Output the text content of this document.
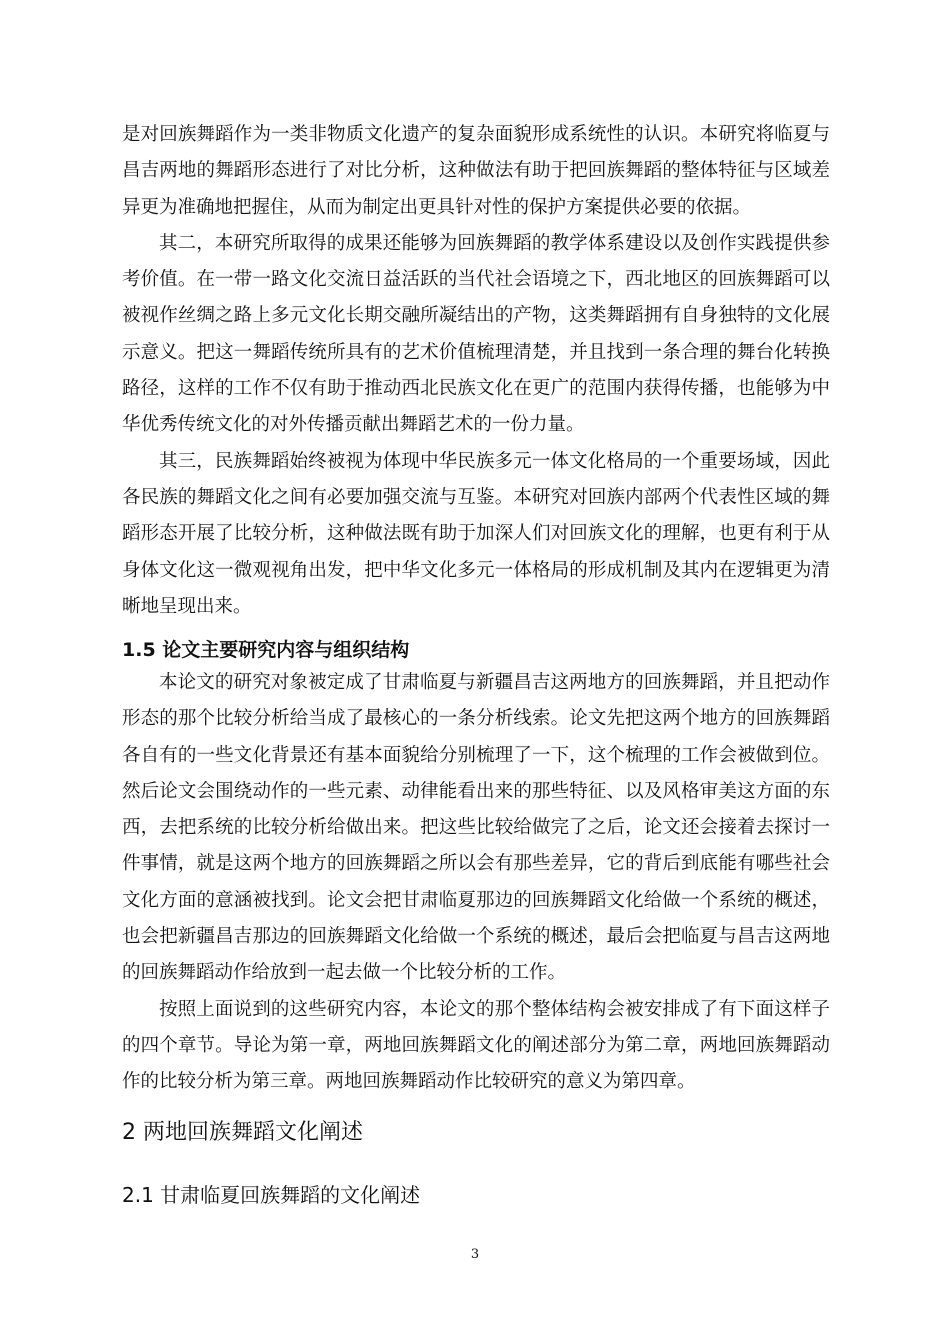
是对回族舞蹈作为一类非物质文化遗产的复杂面貌形成系统性的认识。本研究将临夏与昌吉两地的舞蹈形态进行了对比分析，这种做法有助于把回族舞蹈的整体特征与区域差异更为准确地把握住，从而为制定出更具针对性的保护方案提供必要的依据。

其二，本研究所取得的成果还能够为回族舞蹈的教学体系建设以及创作实践提供参考价值。在一带一路文化交流日益活跃的当代社会语境之下，西北地区的回族舞蹈可以被视作丝绸之路上多元文化长期交融所凝结出的产物，这类舞蹈拥有自身独特的文化展示意义。把这一舞蹈传统所具有的艺术价值梳理清楚，并且找到一条合理的舞台化转换路径，这样的工作不仅有助于推动西北民族文化在更广的范围内获得传播，也能够为中华优秀传统文化的对外传播贡献出舞蹈艺术的一份力量。

其三，民族舞蹈始终被视为体现中华民族多元一体文化格局的一个重要场域，因此各民族的舞蹈文化之间有必要加强交流与互鉴。本研究对回族内部两个代表性区域的舞蹈形态开展了比较分析，这种做法既有助于加深人们对回族文化的理解，也更有利于从身体文化这一微观视角出发，把中华文化多元一体格局的形成机制及其内在逻辑更为清晰地呈现出来。

1.5 论文主要研究内容与组织结构

本论文的研究对象被定成了甘肃临夏与新疆昌吉这两地方的回族舞蹈，并且把动作形态的那个比较分析给当成了最核心的一条分析线索。论文先把这两个地方的回族舞蹈各自有的一些文化背景还有基本面貌给分别梳理了一下，这个梳理的工作会被做到位。然后论文会围绕动作的一些元素、动律能看出来的那些特征、以及风格审美这方面的东西，去把系统的比较分析给做出来。把这些比较给做完了之后，论文还会接着去探讨一件事情，就是这两个地方的回族舞蹈之所以会有那些差异，它的背后到底能有哪些社会文化方面的意涵被找到。论文会把甘肃临夏那边的回族舞蹈文化给做一个系统的概述，也会把新疆昌吉那边的回族舞蹈文化给做一个系统的概述，最后会把临夏与昌吉这两地的回族舞蹈动作给放到一起去做一个比较分析的工作。

按照上面说到的这些研究内容，本论文的那个整体结构会被安排成了有下面这样子的四个章节。导论为第一章，两地回族舞蹈文化的阐述部分为第二章，两地回族舞蹈动作的比较分析为第三章。两地回族舞蹈动作比较研究的意义为第四章。

2 两地回族舞蹈文化阐述
2.1 甘肃临夏回族舞蹈的文化阐述
3
